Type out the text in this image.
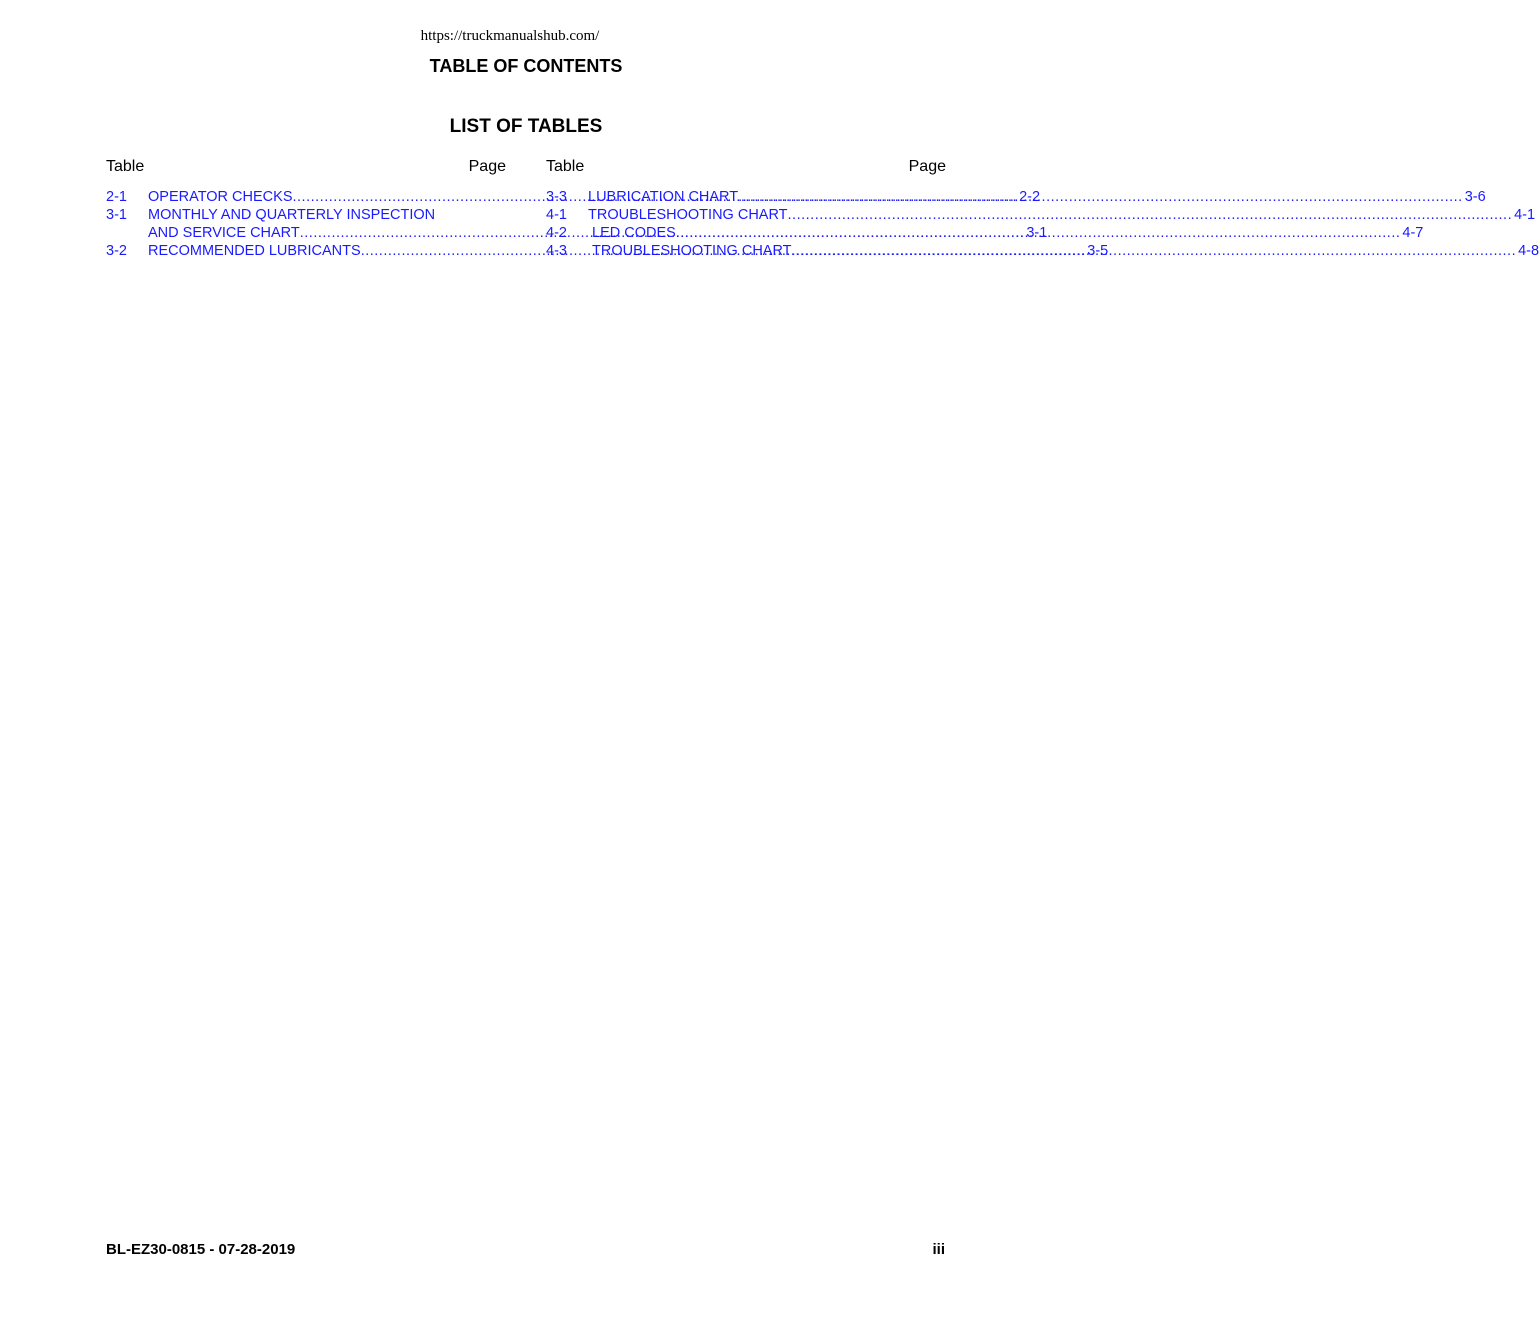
https://truckmanualshub.com/
TABLE OF CONTENTS
LIST OF TABLES
Table	Page
2-1	OPERATOR CHECKS .....	2-2
3-1	MONTHLY AND QUARTERLY INSPECTION
AND SERVICE CHART .....	3-1
3-2	RECOMMENDED LUBRICANTS .....	3-5
Table	Page
3-3	LUBRICATION CHART .....	3-6
4-1	TROUBLESHOOTING CHART .....	4-1
4-2	LED CODES .....	4-7
4-3	TROUBLESHOOTING CHART .....	4-8
BL-EZ30-0815 - 07-28-2019	iii
